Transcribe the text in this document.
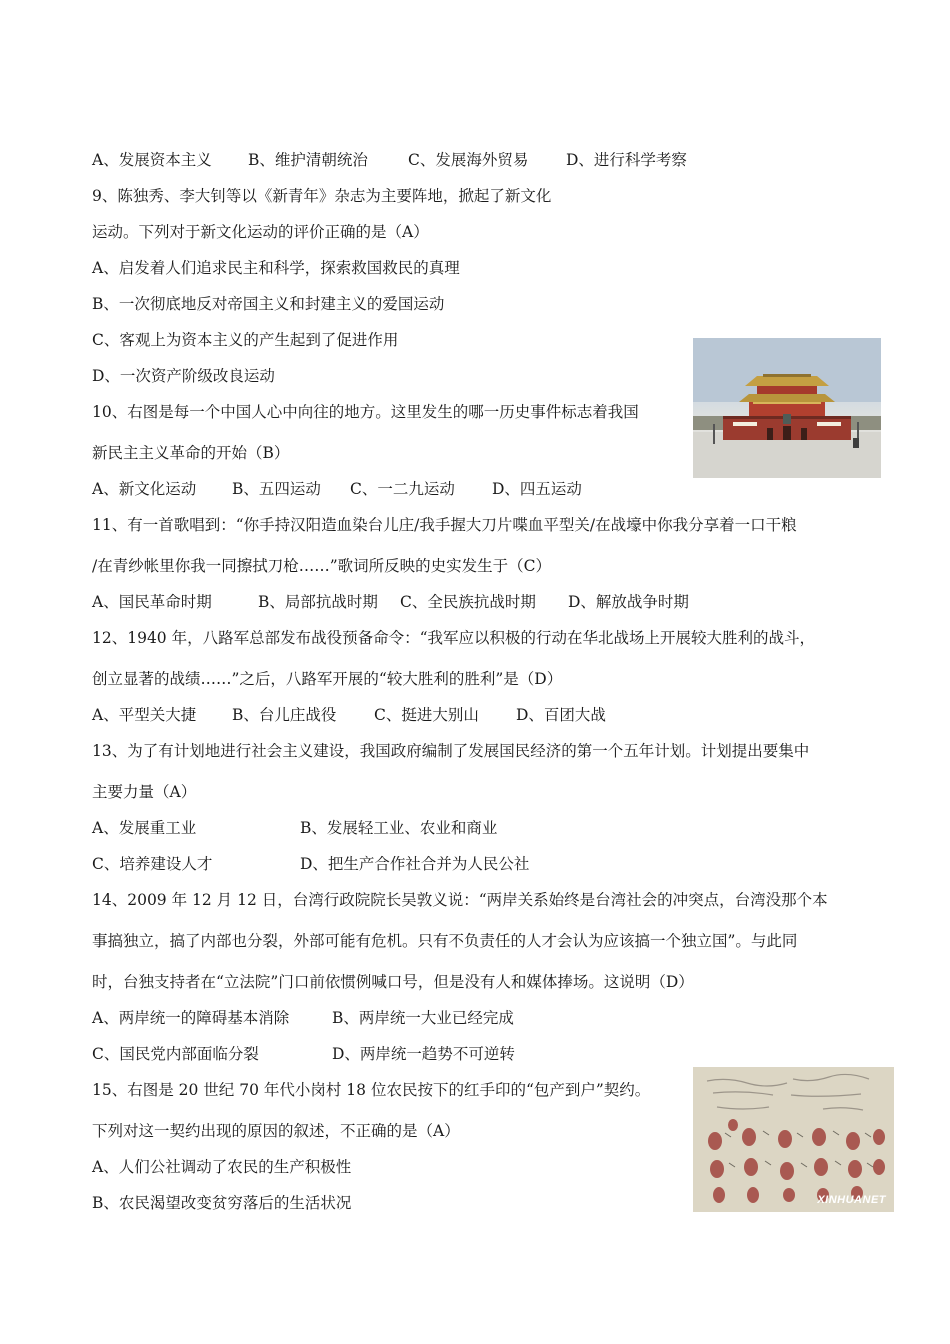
A、发展资本主义 B、维护清朝统治	C、发展海外贸易 D、进行科学考察
9、陈独秀、李大钊等以《新青年》杂志为主要阵地，掀起了新文化
运动。下列对于新文化运动的评价正确的是（A）
A、启发着人们追求民主和科学，探索救国救民的真理
B、一次彻底地反对帝国主义和封建主义的爱国运动
C、客观上为资本主义的产生起到了促进作用
D、一次资产阶级改良运动
10、右图是每一个中国人心中向往的地方。这里发生的哪一历史事件标志着我国
新民主主义革命的开始（B）
A、新文化运动 B、五四运动 C、一二九运动 D、四五运动
11、有一首歌唱到：“你手持汉阳造血染台儿庄/我手握大刀片喋血平型关/在战壕中你我分享着一口干粮
/在青纱帐里你我一同擦拭刀枪……”歌词所反映的史实发生于（C）
A、国民革命时期	B、局部抗战时期 C、全民族抗战时期 D、解放战争时期
12、1940 年，八路军总部发布战役预备命令：“我军应以积极的行动在华北战场上开展较大胜利的战斗，
创立显著的战绩……”之后，八路军开展的“较大胜利的胜利”是（D）
A、平型关大捷 B、台儿庄战役 C、挺进大别山 D、百团大战
13、为了有计划地进行社会主义建设，我国政府编制了发展国民经济的第一个五年计划。计划提出要集中
主要力量（A）
A、发展重工业	B、发展轻工业、农业和商业
C、培养建设人才	D、把生产合作社合并为人民公社
14、2009 年 12 月 12 日，台湾行政院院长吴敦义说：“两岸关系始终是台湾社会的冲突点，台湾没那个本
事搞独立，搞了内部也分裂，外部可能有危机。只有不负责任的人才会认为应该搞一个独立国”。与此同
时，台独支持者在“立法院”门口前依惯例喊口号，但是没有人和媒体捧场。这说明（D）
A、两岸统一的障碍基本消除	B、两岸统一大业已经完成
C、国民党内部面临分裂	D、两岸统一趋势不可逆转
15、右图是 20 世纪 70 年代小岗村 18 位农民按下的红手印的“包产到户”契约。
下列对这一契约出现的原因的叙述，不正确的是（A）
A、人们公社调动了农民的生产积极性
B、农民渴望改变贫穷落后的生活状况	XINHUANET
